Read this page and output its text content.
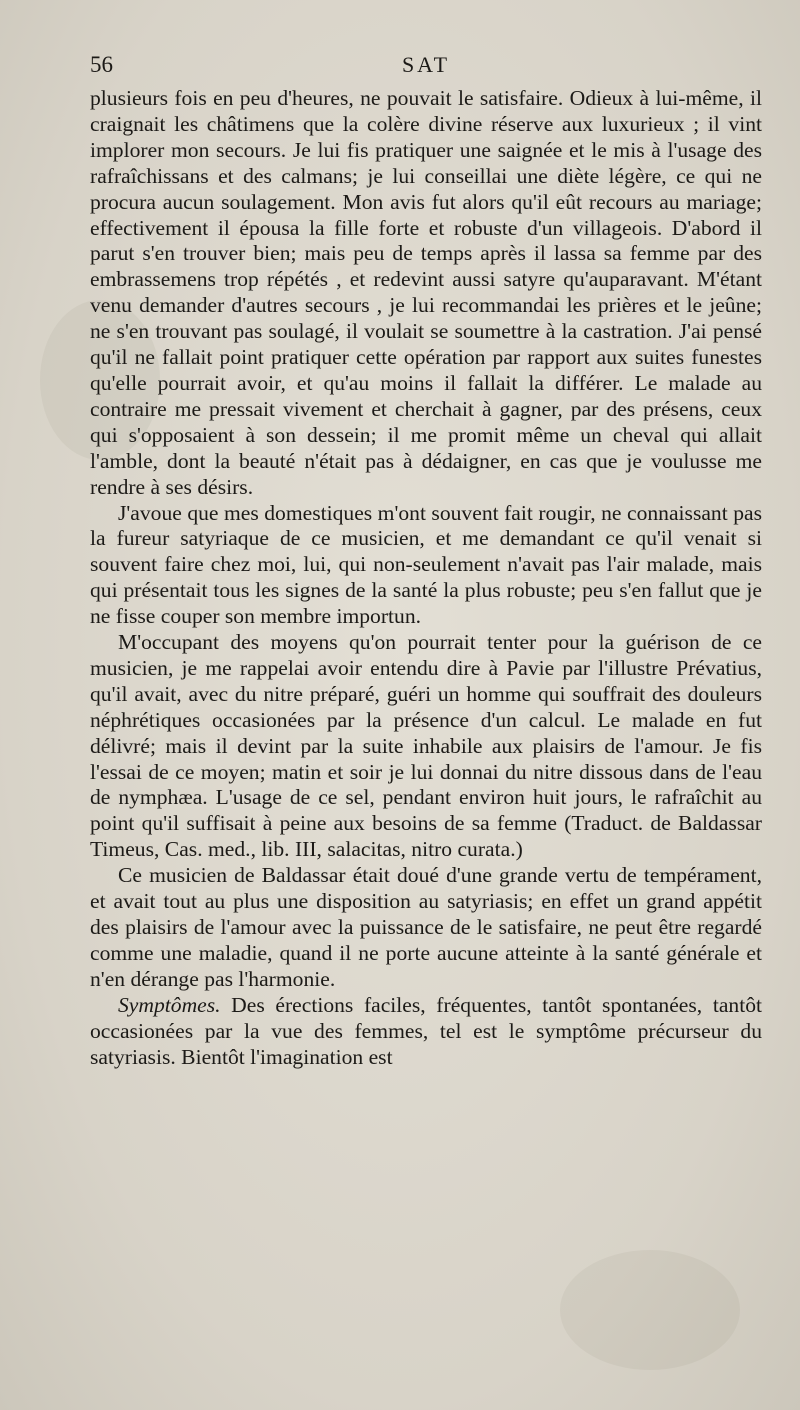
56	SAT

plusieurs fois en peu d'heures, ne pouvait le satisfaire. Odieux à lui-même, il craignait les châtimens que la colère divine réserve aux luxurieux ; il vint implorer mon secours. Je lui fis pratiquer une saignée et le mis à l'usage des rafraîchissans et des calmans; je lui conseillai une diète légère, ce qui ne procura aucun soulagement. Mon avis fut alors qu'il eût recours au mariage; effectivement il épousa la fille forte et robuste d'un villageois. D'abord il parut s'en trouver bien; mais peu de temps après il lassa sa femme par des embrassemens trop répétés , et redevint aussi satyre qu'auparavant. M'étant venu demander d'autres secours , je lui recommandai les prières et le jeûne; ne s'en trouvant pas soulagé, il voulait se soumettre à la castration. J'ai pensé qu'il ne fallait point pratiquer cette opération par rapport aux suites funestes qu'elle pourrait avoir, et qu'au moins il fallait la différer. Le malade au contraire me pressait vivement et cherchait à gagner, par des présens, ceux qui s'opposaient à son dessein; il me promit même un cheval qui allait l'amble, dont la beauté n'était pas à dédaigner, en cas que je voulusse me rendre à ses désirs.

J'avoue que mes domestiques m'ont souvent fait rougir, ne connaissant pas la fureur satyriaque de ce musicien, et me demandant ce qu'il venait si souvent faire chez moi, lui, qui non-seulement n'avait pas l'air malade, mais qui présentait tous les signes de la santé la plus robuste; peu s'en fallut que je ne fisse couper son membre importun.

M'occupant des moyens qu'on pourrait tenter pour la guérison de ce musicien, je me rappelai avoir entendu dire à Pavie par l'illustre Prévatius, qu'il avait, avec du nitre préparé, guéri un homme qui souffrait des douleurs néphrétiques occasionées par la présence d'un calcul. Le malade en fut délivré; mais il devint par la suite inhabile aux plaisirs de l'amour. Je fis l'essai de ce moyen; matin et soir je lui donnai du nitre dissous dans de l'eau de nymphæa. L'usage de ce sel, pendant environ huit jours, le rafraîchit au point qu'il suffisait à peine aux besoins de sa femme (Traduct. de Baldassar Timeus, Cas. med., lib. III, salacitas, nitro curata.)

Ce musicien de Baldassar était doué d'une grande vertu de tempérament, et avait tout au plus une disposition au satyriasis; en effet un grand appétit des plaisirs de l'amour avec la puissance de le satisfaire, ne peut être regardé comme une maladie, quand il ne porte aucune atteinte à la santé générale et n'en dérange pas l'harmonie.

Symptômes. Des érections faciles, fréquentes, tantôt spontanées, tantôt occasionées par la vue des femmes, tel est le symptôme précurseur du satyriasis. Bientôt l'imagination est
